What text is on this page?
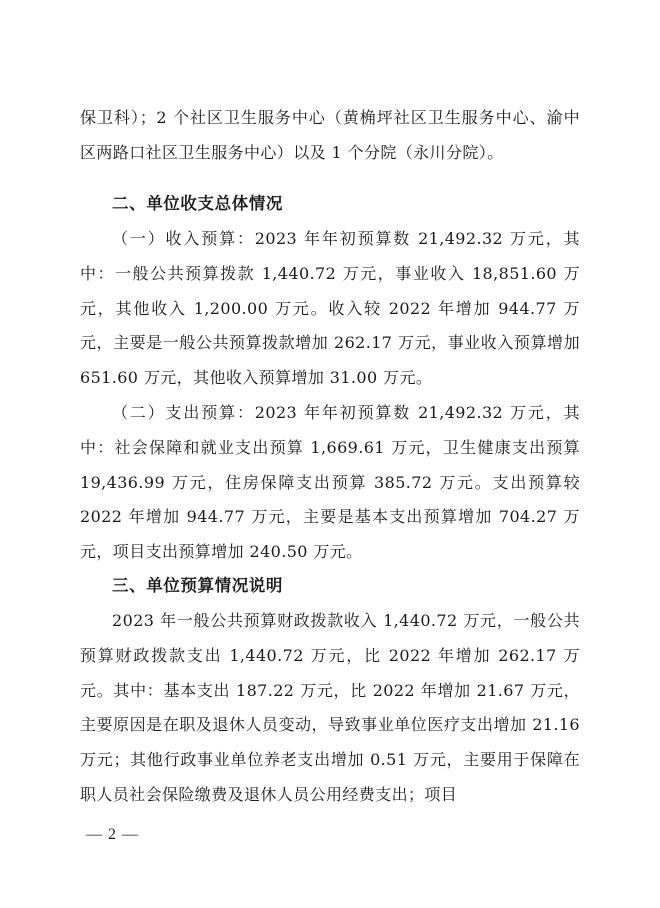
保卫科）；2 个社区卫生服务中心（黄桷坪社区卫生服务中心、渝中区两路口社区卫生服务中心）以及 1 个分院（永川分院）。

二、单位收支总体情况

（一）收入预算：2023 年年初预算数 21,492.32 万元，其中：一般公共预算拨款 1,440.72 万元，事业收入 18,851.60 万元，其他收入 1,200.00 万元。收入较 2022 年增加 944.77 万元，主要是一般公共预算拨款增加 262.17 万元，事业收入预算增加 651.60 万元，其他收入预算增加 31.00 万元。

（二）支出预算：2023 年年初预算数 21,492.32 万元，其中：社会保障和就业支出预算 1,669.61 万元，卫生健康支出预算 19,436.99 万元，住房保障支出预算 385.72 万元。支出预算较 2022 年增加 944.77 万元，主要是基本支出预算增加 704.27 万元，项目支出预算增加 240.50 万元。

三、单位预算情况说明

2023 年一般公共预算财政拨款收入 1,440.72 万元，一般公共预算财政拨款支出 1,440.72 万元，比 2022 年增加 262.17 万元。其中：基本支出 187.22 万元，比 2022 年增加 21.67 万元，主要原因是在职及退休人员变动，导致事业单位医疗支出增加 21.16 万元；其他行政事业单位养老支出增加 0.51 万元，主要用于保障在职人员社会保险缴费及退休人员公用经费支出；项目

— 2 —
